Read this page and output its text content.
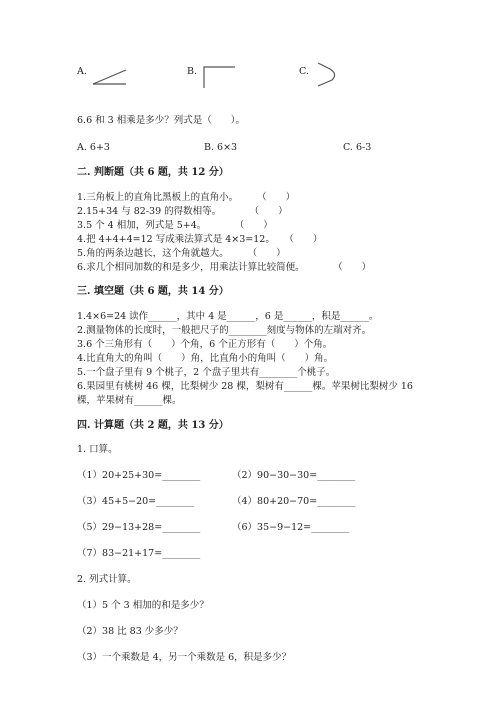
A.	B.	C.
6.6 和 3 相乘是多少？列式是（　　）。
A. 6+3	B. 6×3	C. 6-3
二. 判断题（共 6 题，共 12 分）
1.三角板上的直角比黑板上的直角小。　　　（　　）
2.15+34 与 82-39 的得数相等。　　　　（　　）
3.5 个 4 相加，列式是 5+4。　　　　（　　）
4.把 4+4+4=12 写成乘法算式是 4×3=12。　　（　　）
5.角的两条边越长，这个角就越大。　　　（　　）
6.求几个相同加数的和是多少，用乘法计算比较简便。　　　　（　　）
三. 填空题（共 6 题，共 14 分）
1.4×6=24 读作______，其中 4 是______，6 是______，积是______。
2.测量物体的长度时，一般把尺子的________刻度与物体的左端对齐。
3.6 个三角形有（　　）个角，6 个正方形有（　　）个角。
4.比直角大的角叫（　　）角，比直角小的角叫（　　）角。
5.一个盘子里有 9 个桃子，2 个盘子里共有________个桃子。
6.果园里有桃树 46 棵，比梨树少 28 棵，梨树有______棵。苹果树比梨树少 16
棵，苹果树有______棵。
四. 计算题（共 2 题，共 13 分）
1. 口算。
（1）20+25+30=________	（2）90−30−30=________
（3）45+5−20=________	（4）80+20−70=________
（5）29−13+28=________	（6）35−9−12=________
（7）83−21+17=________
2. 列式计算。
（1）5 个 3 相加的和是多少？
（2）38 比 83 少多少？
（3）一个乘数是 4，另一个乘数是 6，积是多少？
